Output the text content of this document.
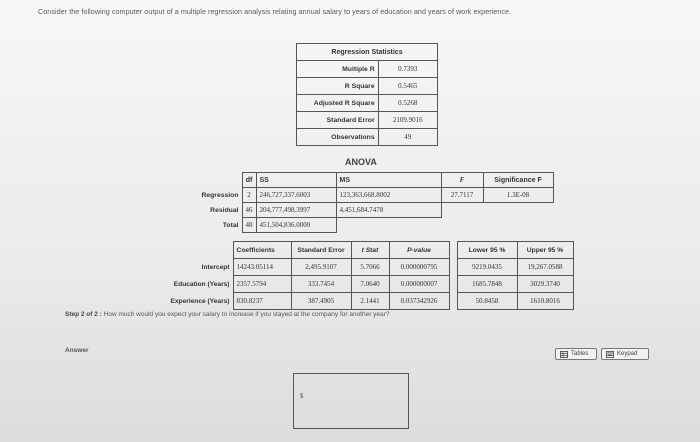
Consider the following computer output of a multiple regression analysis relating annual salary to years of education and years of work experience.
Regression Statistics	
Multiple R	0.7393
R Square	0.5465
Adjusted R Square	0.5268
Standard Error	2109.9016
Observations	49
ANOVA
	df	SS	MS	F	Significance F
Regression	2	246,727,337.6003	123,363,668.8002	27.7117	1.3E-08
Residual	46	204,777,498.3997	4,451,684.7478		
Total	48	451,504,836.0000			
	Coefficients	Standard Error	t Stat	P-value		Lower 95 %	Upper 95 %
Intercept	14243.05114	2,495.9107	5.7066	0.000000795		9219.0435	19,267.0588
Education (Years)	2357.5794	333.7454	7.0640	0.000000007		1685.7848	3029.3740
Experience (Years)	830.8237	387.4905	2.1441	0.037342926		50.8458	1610.8016
Step 2 of 2 : How much would you expect your salary to increase if you stayed at the company for another year?
Answer	Tables	Keypad
$
